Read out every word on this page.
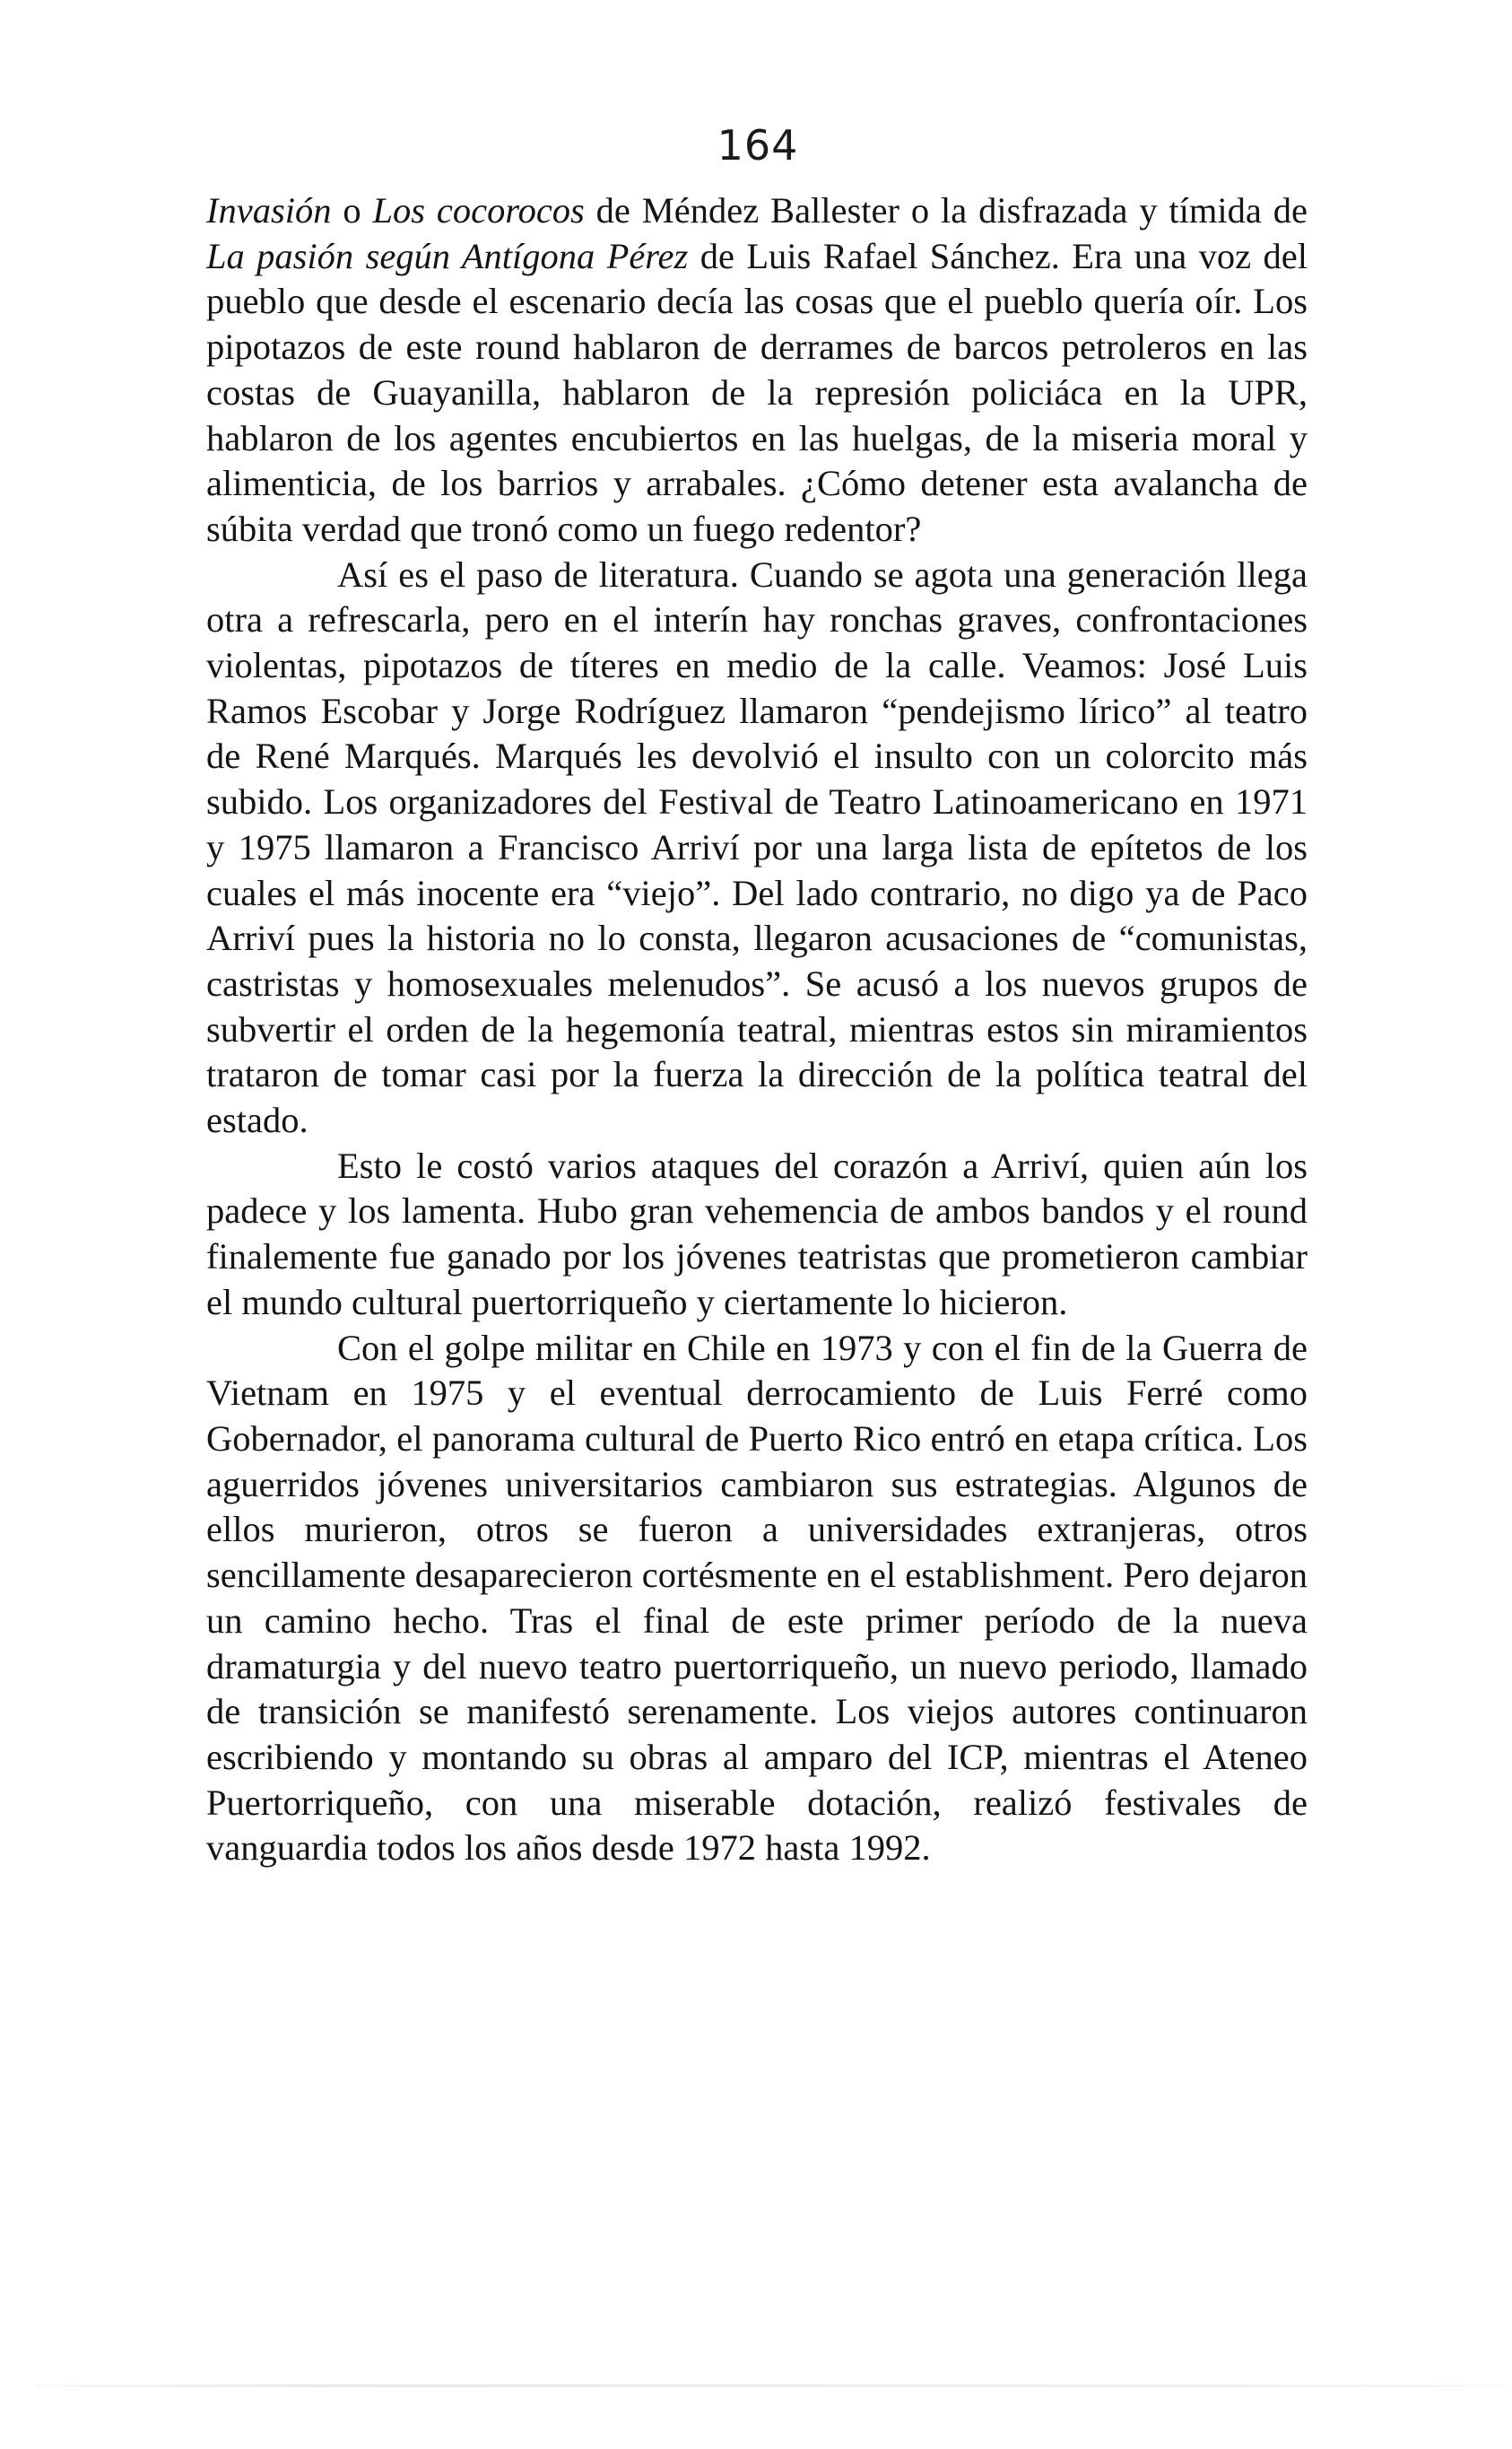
164

Invasión o Los cocorocos de Méndez Ballester o la disfrazada y tímida de La pasión según Antígona Pérez de Luis Rafael Sánchez. Era una voz del pueblo que desde el escenario decía las cosas que el pueblo quería oír. Los pipotazos de este round hablaron de derrames de barcos petroleros en las costas de Guayanilla, hablaron de la represión policiáca en la UPR, hablaron de los agentes encubiertos en las huelgas, de la miseria moral y alimenticia, de los barrios y arrabales. ¿Cómo detener esta avalancha de súbita verdad que tronó como un fuego redentor?

Así es el paso de literatura. Cuando se agota una generación llega otra a refrescarla, pero en el interín hay ronchas graves, confrontaciones violentas, pipotazos de títeres en medio de la calle. Veamos: José Luis Ramos Escobar y Jorge Rodríguez llamaron “pendejismo lírico” al teatro de René Marqués. Marqués les devolvió el insulto con un colorcito más subido. Los organizadores del Festival de Teatro Latinoamericano en 1971 y 1975 llamaron a Francisco Arriví por una larga lista de epítetos de los cuales el más inocente era “viejo”. Del lado contrario, no digo ya de Paco Arriví pues la historia no lo consta, llegaron acusaciones de “comunistas, castristas y homosexuales melenudos”. Se acusó a los nuevos grupos de subvertir el orden de la hegemonía teatral, mientras estos sin miramientos trataron de tomar casi por la fuerza la dirección de la política teatral del estado.

Esto le costó varios ataques del corazón a Arriví, quien aún los padece y los lamenta. Hubo gran vehemencia de ambos bandos y el round finalemente fue ganado por los jóvenes teatristas que prometieron cambiar el mundo cultural puertorriqueño y ciertamente lo hicieron.

Con el golpe militar en Chile en 1973 y con el fin de la Guerra de Vietnam en 1975 y el eventual derrocamiento de Luis Ferré como Gobernador, el panorama cultural de Puerto Rico entró en etapa crítica. Los aguerridos jóvenes universitarios cambiaron sus estrategias. Algunos de ellos murieron, otros se fueron a universidades extranjeras, otros sencillamente desaparecieron cortésmente en el establishment. Pero dejaron un camino hecho. Tras el final de este primer período de la nueva dramaturgia y del nuevo teatro puertorriqueño, un nuevo periodo, llamado de transición se manifestó serenamente. Los viejos autores continuaron escribiendo y montando su obras al amparo del ICP, mientras el Ateneo Puertorriqueño, con una miserable dotación, realizó festivales de vanguardia todos los años desde 1972 hasta 1992.
